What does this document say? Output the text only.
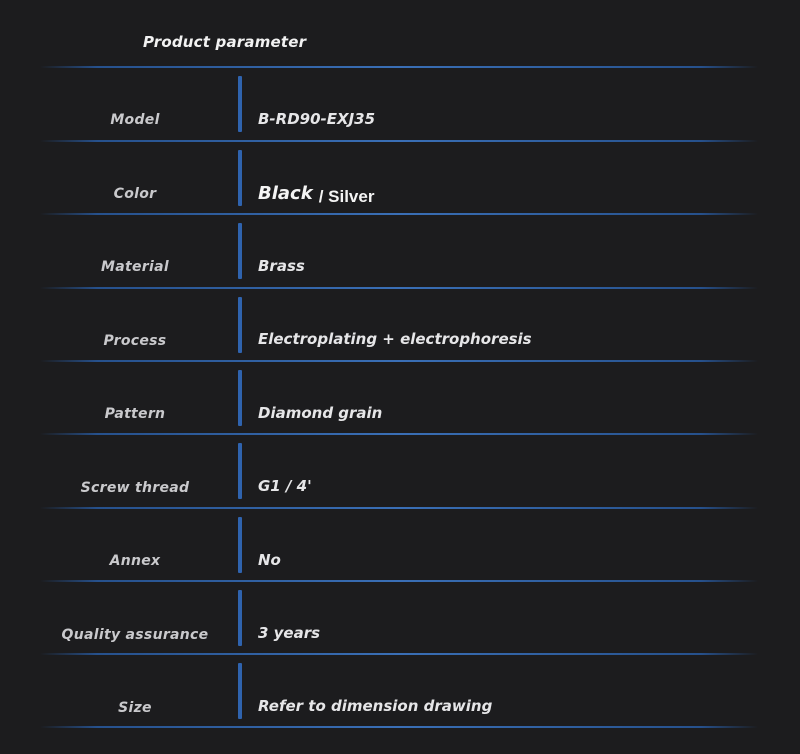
Product parameter
Model	B-RD90-EXJ35
Color	Black / Silver
Material	Brass
Process	Electroplating + electrophoresis
Pattern	Diamond grain
Screw thread	G1 / 4'
Annex	No
Quality assurance	3 years
Size	Refer to dimension drawing
